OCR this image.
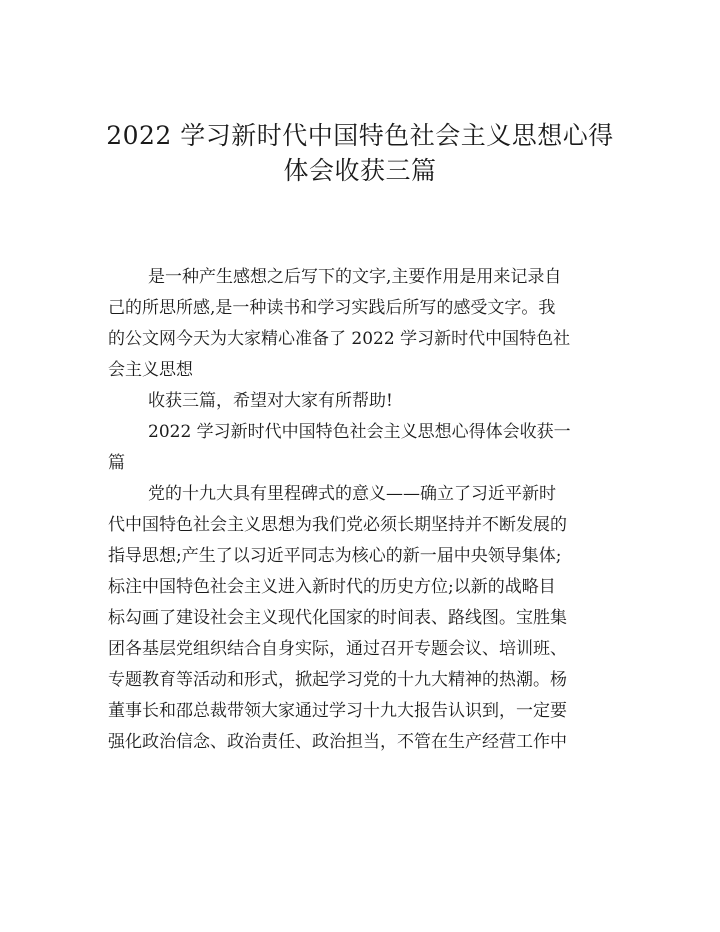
2022 学习新时代中国特色社会主义思想心得
体会收获三篇
是一种产生感想之后写下的文字,主要作用是用来记录自
己的所思所感,是一种读书和学习实践后所写的感受文字。我
的公文网今天为大家精心准备了 2022 学习新时代中国特色社
会主义思想
收获三篇，希望对大家有所帮助!
2022 学习新时代中国特色社会主义思想心得体会收获一
篇
党的十九大具有里程碑式的意义——确立了习近平新时
代中国特色社会主义思想为我们党必须长期坚持并不断发展的
指导思想;产生了以习近平同志为核心的新一届中央领导集体;
标注中国特色社会主义进入新时代的历史方位;以新的战略目
标勾画了建设社会主义现代化国家的时间表、路线图。宝胜集
团各基层党组织结合自身实际，通过召开专题会议、培训班、
专题教育等活动和形式，掀起学习党的十九大精神的热潮。杨
董事长和邵总裁带领大家通过学习十九大报告认识到，一定要
强化政治信念、政治责任、政治担当，不管在生产经营工作中
